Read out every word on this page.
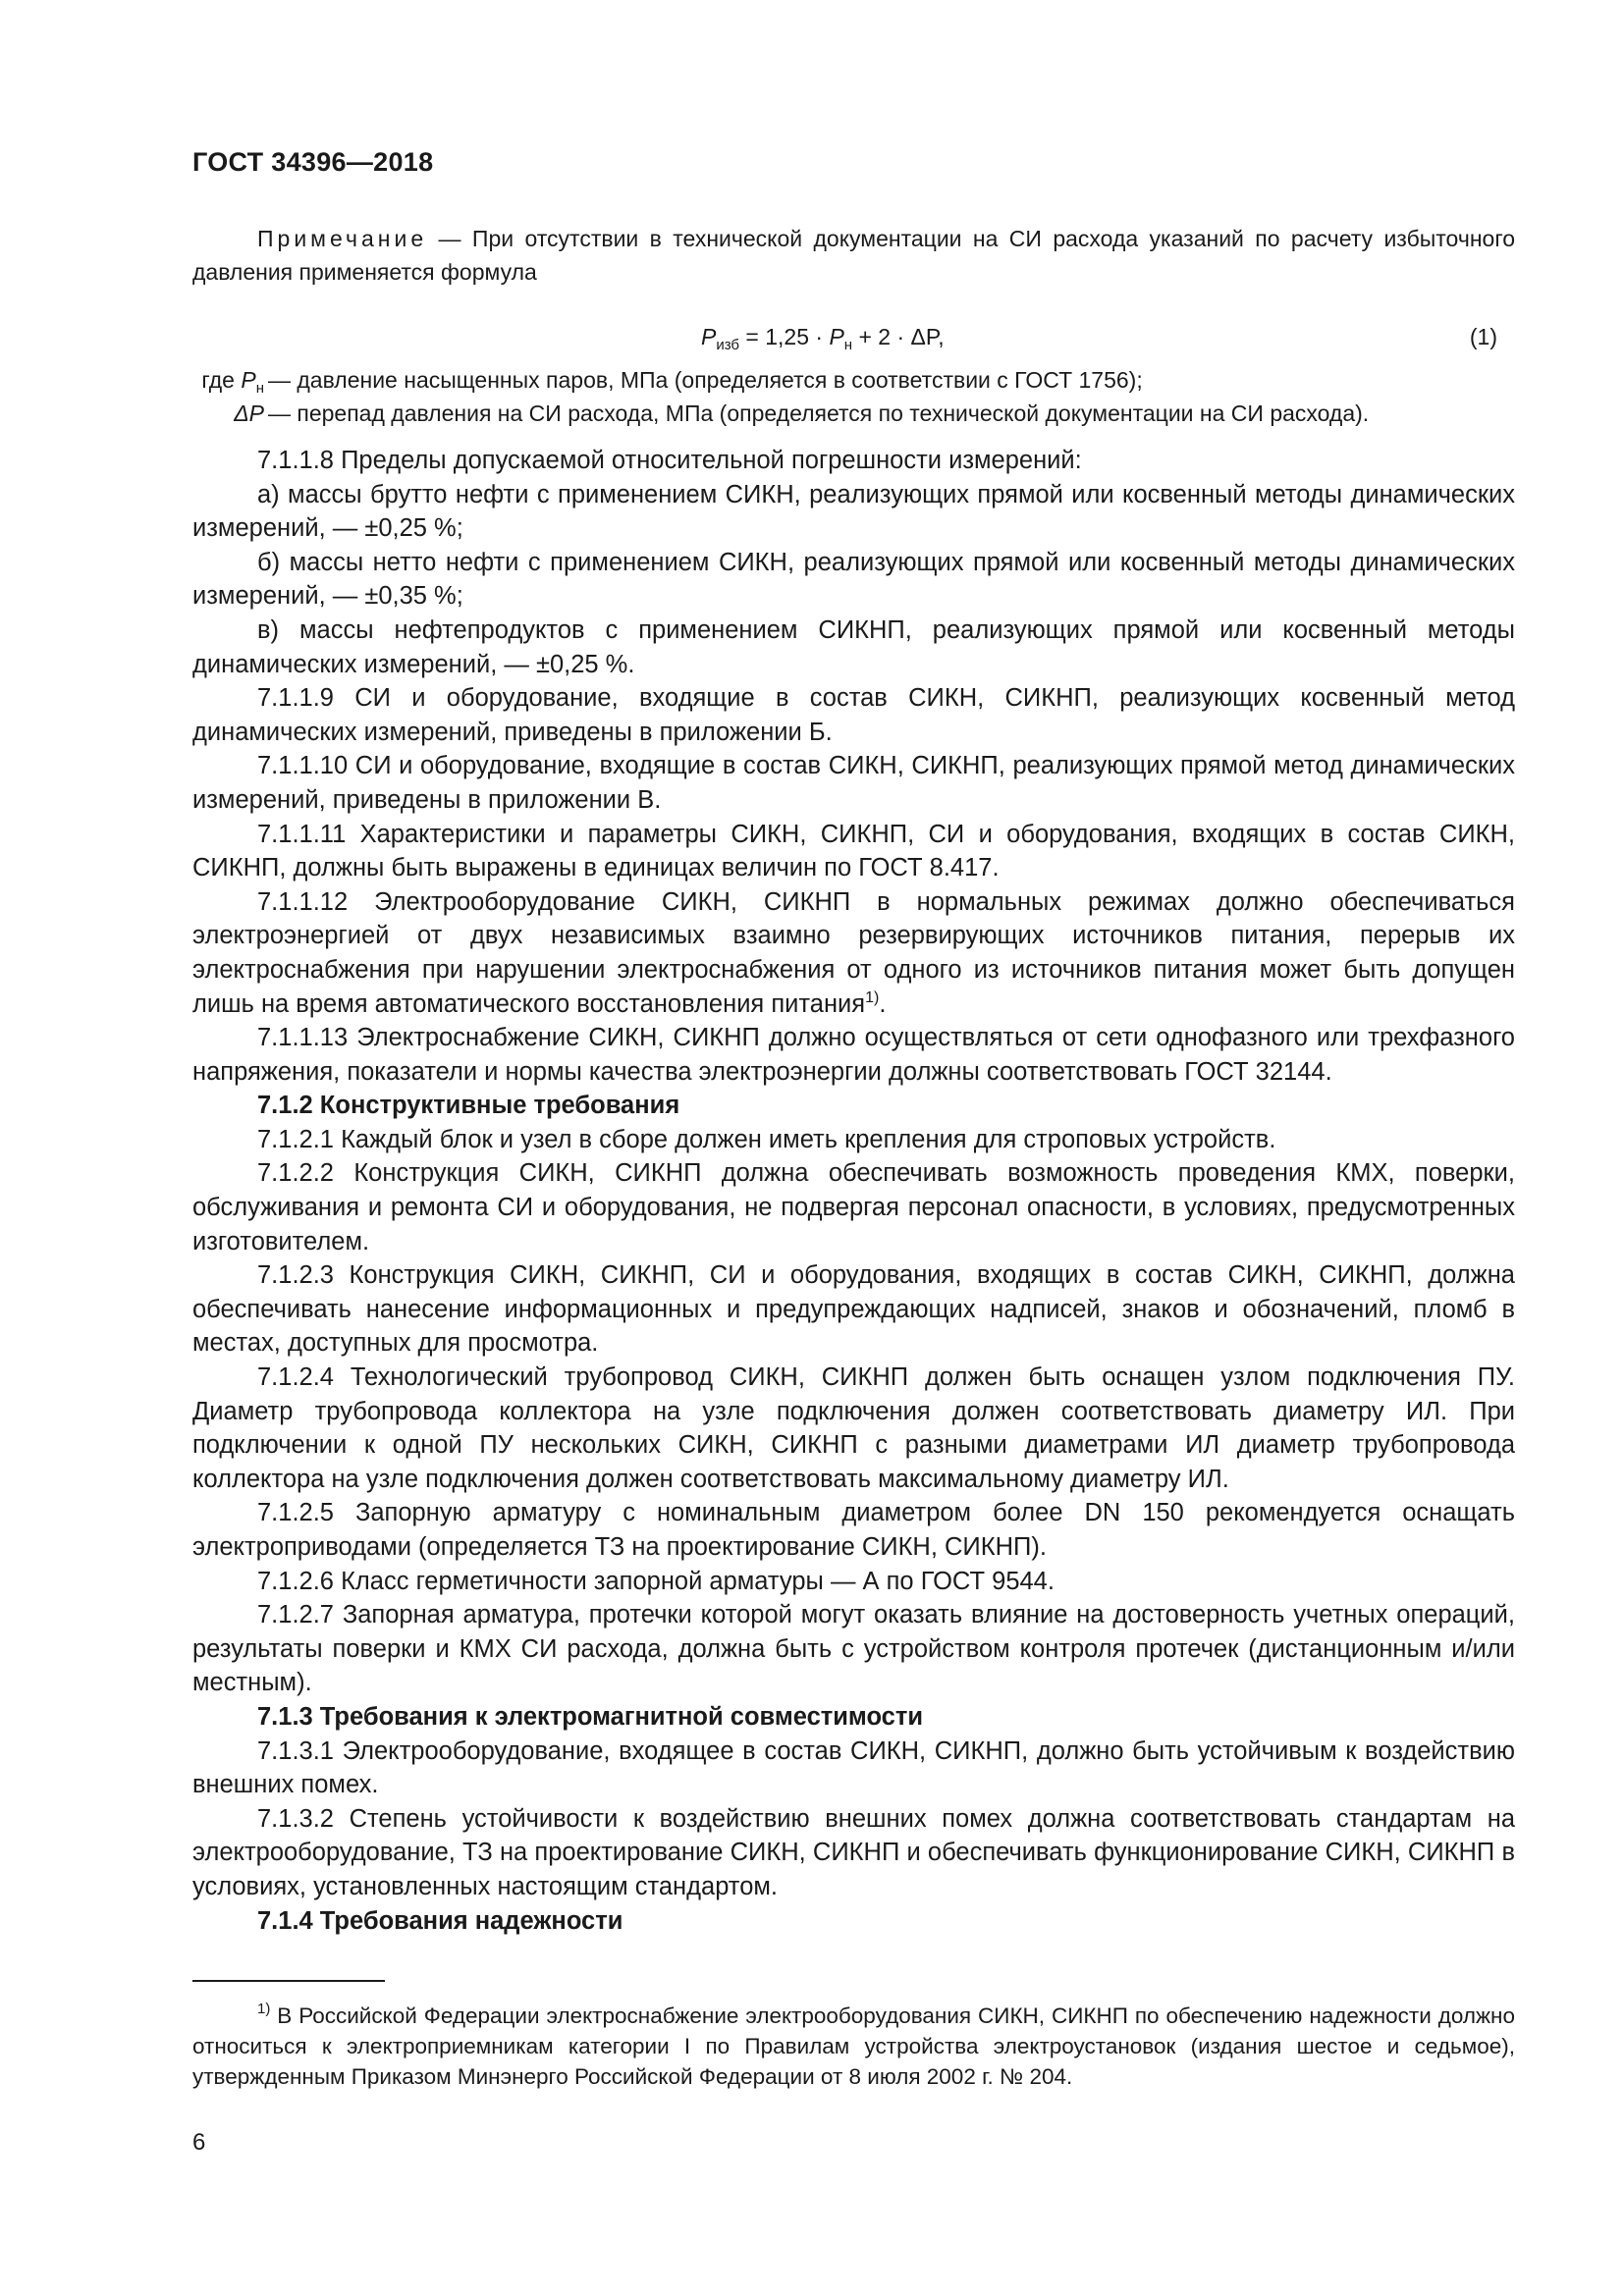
ГОСТ 34396—2018

Примечание — При отсутствии в технической документации на СИ расхода указаний по расчету избыточного давления применяется формула

$P_{изб} = 1,25 \cdot P_н + 2 \cdot \Delta P$,	(1)
где $P_н$ — давление насыщенных паров, МПа (определяется в соответствии с ГОСТ 1756);
ΔP — перепад давления на СИ расхода, МПа (определяется по технической документации на СИ расхода).

7.1.1.8 Пределы допускаемой относительной погрешности измерений:

а) массы брутто нефти с применением СИКН, реализующих прямой или косвенный методы динамических измерений, — ±0,25 %;

б) массы нетто нефти с применением СИКН, реализующих прямой или косвенный методы динамических измерений, — ±0,35 %;

в) массы нефтепродуктов с применением СИКНП, реализующих прямой или косвенный методы динамических измерений, — ±0,25 %.

7.1.1.9 СИ и оборудование, входящие в состав СИКН, СИКНП, реализующих косвенный метод динамических измерений, приведены в приложении Б.

7.1.1.10 СИ и оборудование, входящие в состав СИКН, СИКНП, реализующих прямой метод динамических измерений, приведены в приложении В.

7.1.1.11 Характеристики и параметры СИКН, СИКНП, СИ и оборудования, входящих в состав СИКН, СИКНП, должны быть выражены в единицах величин по ГОСТ 8.417.

7.1.1.12 Электрооборудование СИКН, СИКНП в нормальных режимах должно обеспечиваться электроэнергией от двух независимых взаимно резервирующих источников питания, перерыв их электроснабжения при нарушении электроснабжения от одного из источников питания может быть допущен лишь на время автоматического восстановления питания$^{1)}$.

7.1.1.13 Электроснабжение СИКН, СИКНП должно осуществляться от сети однофазного или трехфазного напряжения, показатели и нормы качества электроэнергии должны соответствовать ГОСТ 32144.

7.1.2 Конструктивные требования

7.1.2.1 Каждый блок и узел в сборе должен иметь крепления для строповых устройств.

7.1.2.2 Конструкция СИКН, СИКНП должна обеспечивать возможность проведения КМХ, поверки, обслуживания и ремонта СИ и оборудования, не подвергая персонал опасности, в условиях, предусмотренных изготовителем.

7.1.2.3 Конструкция СИКН, СИКНП, СИ и оборудования, входящих в состав СИКН, СИКНП, должна обеспечивать нанесение информационных и предупреждающих надписей, знаков и обозначений, пломб в местах, доступных для просмотра.

7.1.2.4 Технологический трубопровод СИКН, СИКНП должен быть оснащен узлом подключения ПУ. Диаметр трубопровода коллектора на узле подключения должен соответствовать диаметру ИЛ. При подключении к одной ПУ нескольких СИКН, СИКНП с разными диаметрами ИЛ диаметр трубопровода коллектора на узле подключения должен соответствовать максимальному диаметру ИЛ.

7.1.2.5 Запорную арматуру с номинальным диаметром более DN 150 рекомендуется оснащать электроприводами (определяется ТЗ на проектирование СИКН, СИКНП).

7.1.2.6 Класс герметичности запорной арматуры — А по ГОСТ 9544.

7.1.2.7 Запорная арматура, протечки которой могут оказать влияние на достоверность учетных операций, результаты поверки и КМХ СИ расхода, должна быть с устройством контроля протечек (дистанционным и/или местным).

7.1.3 Требования к электромагнитной совместимости

7.1.3.1 Электрооборудование, входящее в состав СИКН, СИКНП, должно быть устойчивым к воздействию внешних помех.

7.1.3.2 Степень устойчивости к воздействию внешних помех должна соответствовать стандартам на электрооборудование, ТЗ на проектирование СИКН, СИКНП и обеспечивать функционирование СИКН, СИКНП в условиях, установленных настоящим стандартом.

7.1.4 Требования надежности
$^{1)}$ В Российской Федерации электроснабжение электрооборудования СИКН, СИКНП по обеспечению надежности должно относиться к электроприемникам категории I по Правилам устройства электроустановок (издания шестое и седьмое), утвержденным Приказом Минэнерго Российской Федерации от 8 июля 2002 г. № 204.
6
